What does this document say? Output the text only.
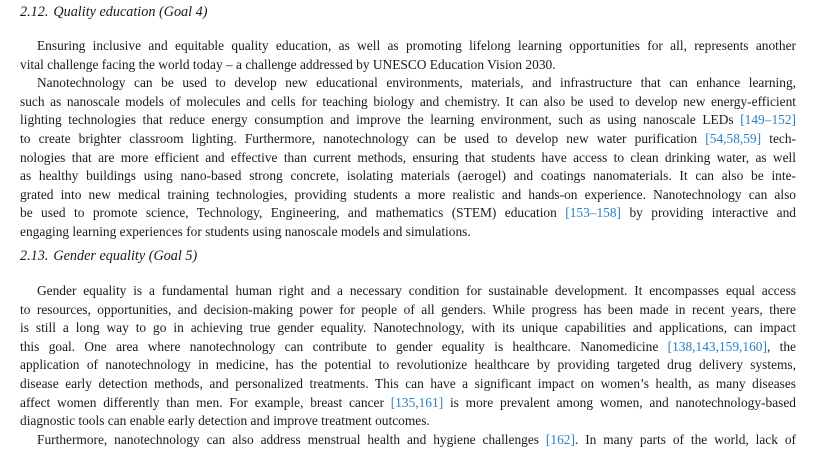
2.12. Quality education (Goal 4)
Ensuring inclusive and equitable quality education, as well as promoting lifelong learning opportunities for all, represents another
vital challenge facing the world today – a challenge addressed by UNESCO Education Vision 2030.
Nanotechnology can be used to develop new educational environments, materials, and infrastructure that can enhance learning,
such as nanoscale models of molecules and cells for teaching biology and chemistry. It can also be used to develop new energy-efficient
lighting technologies that reduce energy consumption and improve the learning environment, such as using nanoscale LEDs [149–152]
to create brighter classroom lighting. Furthermore, nanotechnology can be used to develop new water purification [54,58,59] tech-
nologies that are more efficient and effective than current methods, ensuring that students have access to clean drinking water, as well
as healthy buildings using nano-based strong concrete, isolating materials (aerogel) and coatings nanomaterials. It can also be inte-
grated into new medical training technologies, providing students a more realistic and hands-on experience. Nanotechnology can also
be used to promote science, Technology, Engineering, and mathematics (STEM) education [153–158] by providing interactive and
engaging learning experiences for students using nanoscale models and simulations.
2.13. Gender equality (Goal 5)
Gender equality is a fundamental human right and a necessary condition for sustainable development. It encompasses equal access
to resources, opportunities, and decision-making power for people of all genders. While progress has been made in recent years, there
is still a long way to go in achieving true gender equality. Nanotechnology, with its unique capabilities and applications, can impact
this goal. One area where nanotechnology can contribute to gender equality is healthcare. Nanomedicine [138,143,159,160], the
application of nanotechnology in medicine, has the potential to revolutionize healthcare by providing targeted drug delivery systems,
disease early detection methods, and personalized treatments. This can have a significant impact on women’s health, as many diseases
affect women differently than men. For example, breast cancer [135,161] is more prevalent among women, and nanotechnology-based
diagnostic tools can enable early detection and improve treatment outcomes.
Furthermore, nanotechnology can also address menstrual health and hygiene challenges [162]. In many parts of the world, lack of
